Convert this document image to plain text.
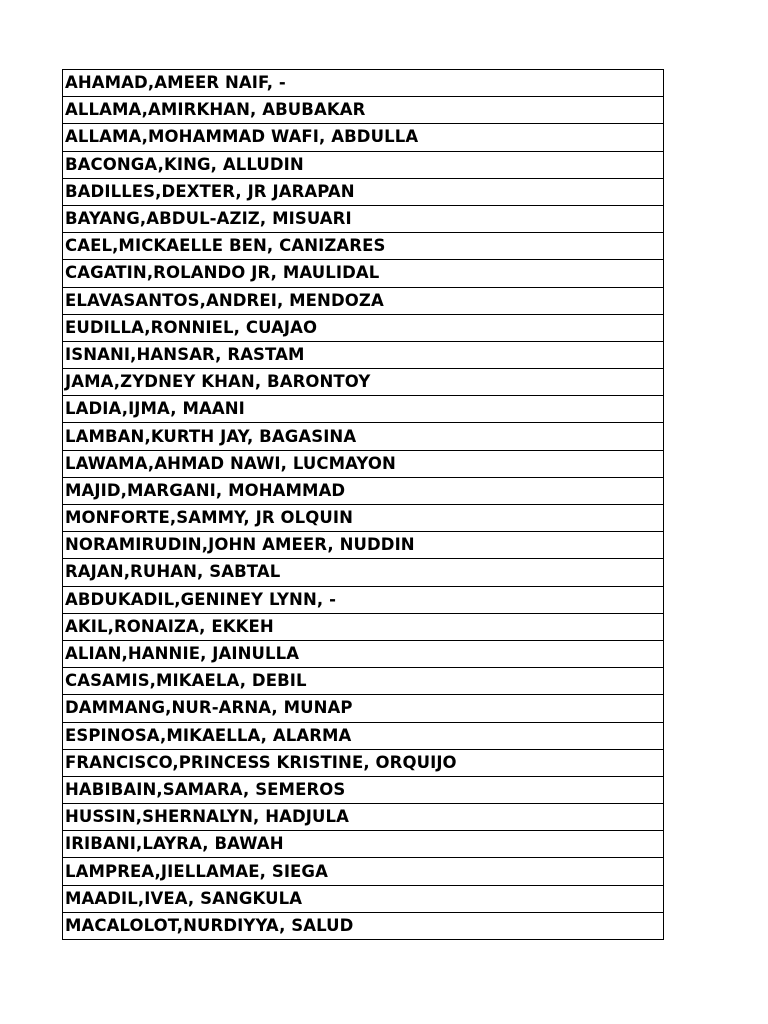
AHAMAD,AMEER NAIF, -
ALLAMA,AMIRKHAN, ABUBAKAR
ALLAMA,MOHAMMAD WAFI, ABDULLA
BACONGA,KING, ALLUDIN
BADILLES,DEXTER, JR JARAPAN
BAYANG,ABDUL-AZIZ, MISUARI
CAEL,MICKAELLE BEN, CANIZARES
CAGATIN,ROLANDO JR, MAULIDAL
ELAVASANTOS,ANDREI, MENDOZA
EUDILLA,RONNIEL, CUAJAO
ISNANI,HANSAR, RASTAM
JAMA,ZYDNEY KHAN, BARONTOY
LADIA,IJMA, MAANI
LAMBAN,KURTH JAY, BAGASINA
LAWAMA,AHMAD NAWI, LUCMAYON
MAJID,MARGANI, MOHAMMAD
MONFORTE,SAMMY, JR OLQUIN
NORAMIRUDIN,JOHN AMEER, NUDDIN
RAJAN,RUHAN, SABTAL
ABDUKADIL,GENINEY LYNN, -
AKIL,RONAIZA, EKKEH
ALIAN,HANNIE, JAINULLA
CASAMIS,MIKAELA, DEBIL
DAMMANG,NUR-ARNA, MUNAP
ESPINOSA,MIKAELLA, ALARMA
FRANCISCO,PRINCESS KRISTINE, ORQUIJO
HABIBAIN,SAMARA, SEMEROS
HUSSIN,SHERNALYN, HADJULA
IRIBANI,LAYRA, BAWAH
LAMPREA,JIELLAMAE, SIEGA
MAADIL,IVEA, SANGKULA
MACALOLOT,NURDIYYA, SALUD
